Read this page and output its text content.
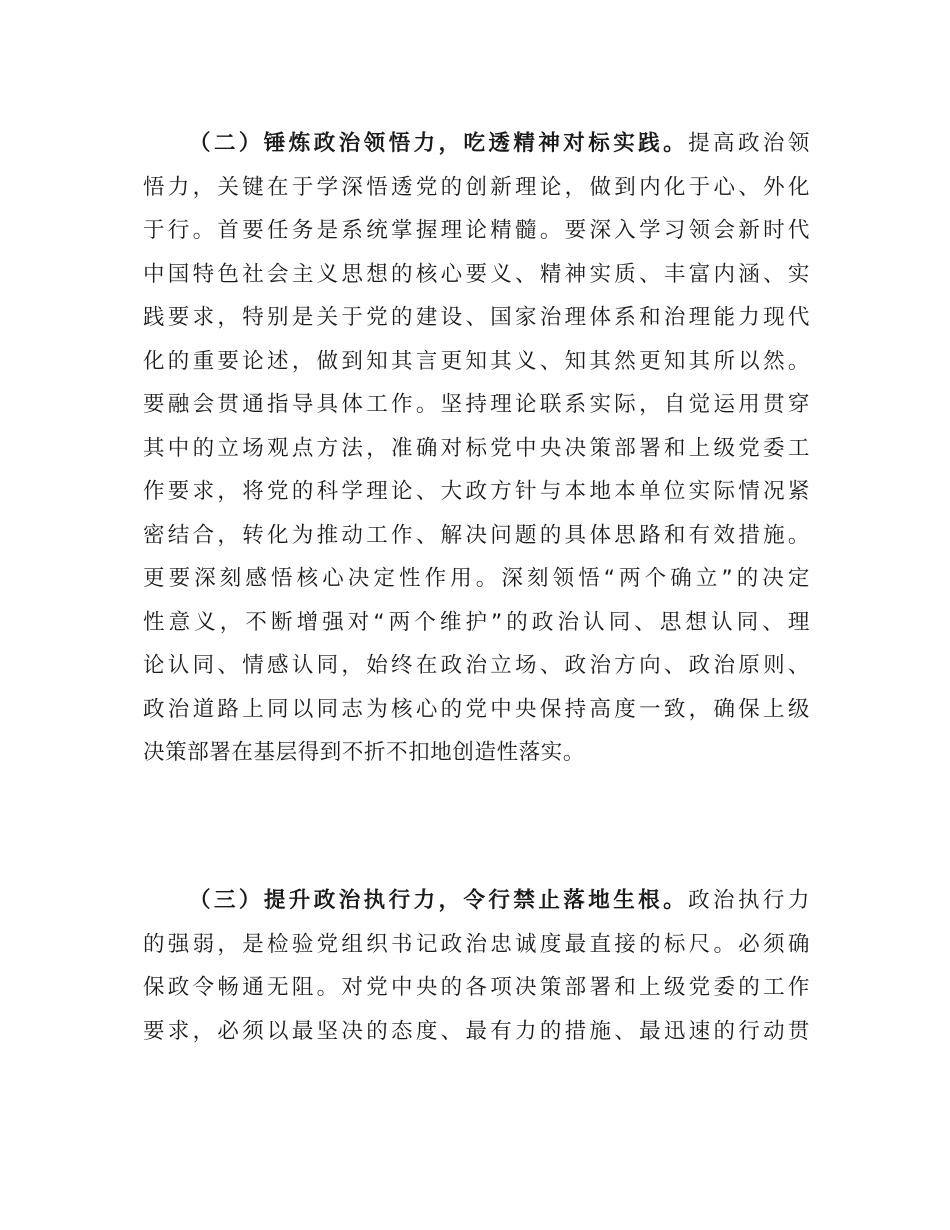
（二）锤炼政治领悟力，吃透精神对标实践。提高政治领
悟力，关键在于学深悟透党的创新理论，做到内化于心、外化
于行。首要任务是系统掌握理论精髓。要深入学习领会新时代
中国特色社会主义思想的核心要义、精神实质、丰富内涵、实
践要求，特别是关于党的建设、国家治理体系和治理能力现代
化的重要论述，做到知其言更知其义、知其然更知其所以然。
要融会贯通指导具体工作。坚持理论联系实际，自觉运用贯穿
其中的立场观点方法，准确对标党中央决策部署和上级党委工
作要求，将党的科学理论、大政方针与本地本单位实际情况紧
密结合，转化为推动工作、解决问题的具体思路和有效措施。
更要深刻感悟核心决定性作用。深刻领悟“两个确立”的决定
性意义，不断增强对“两个维护”的政治认同、思想认同、理
论认同、情感认同，始终在政治立场、政治方向、政治原则、
政治道路上同以同志为核心的党中央保持高度一致，确保上级
决策部署在基层得到不折不扣地创造性落实。
（三）提升政治执行力，令行禁止落地生根。政治执行力
的强弱，是检验党组织书记政治忠诚度最直接的标尺。必须确
保政令畅通无阻。对党中央的各项决策部署和上级党委的工作
要求，必须以最坚决的态度、最有力的措施、最迅速的行动贯
